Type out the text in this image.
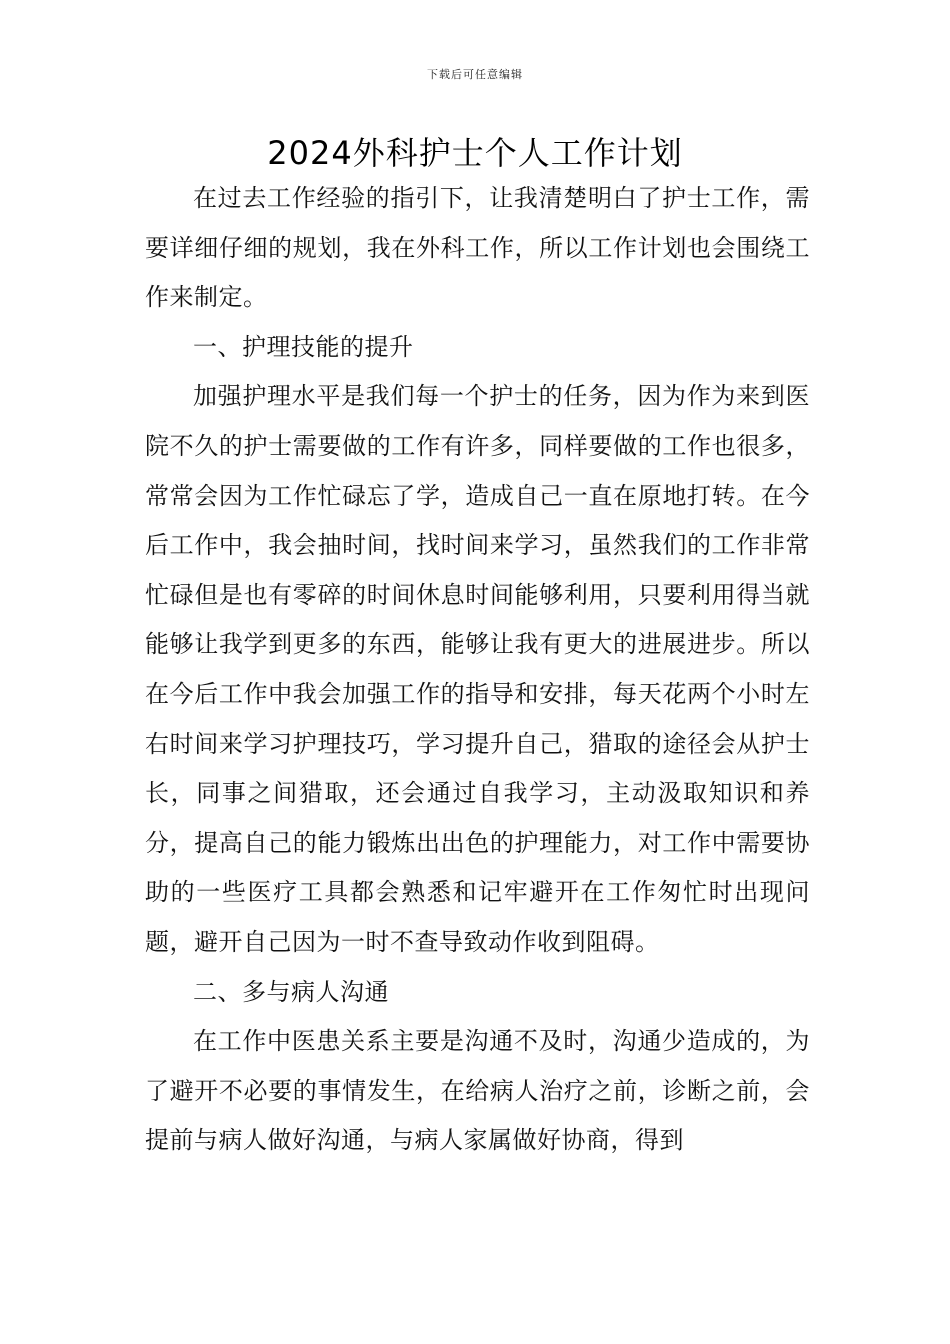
下载后可任意编辑
2024外科护士个人工作计划

在过去工作经验的指引下，让我清楚明白了护士工作，需要详细仔细的规划，我在外科工作，所以工作计划也会围绕工作来制定。

一、护理技能的提升

加强护理水平是我们每一个护士的任务，因为作为来到医院不久的护士需要做的工作有许多，同样要做的工作也很多，常常会因为工作忙碌忘了学，造成自己一直在原地打转。在今后工作中，我会抽时间，找时间来学习，虽然我们的工作非常忙碌但是也有零碎的时间休息时间能够利用，只要利用得当就能够让我学到更多的东西，能够让我有更大的进展进步。所以在今后工作中我会加强工作的指导和安排，每天花两个小时左右时间来学习护理技巧，学习提升自己，猎取的途径会从护士长，同事之间猎取，还会通过自我学习，主动汲取知识和养分，提高自己的能力锻炼出出色的护理能力，对工作中需要协助的一些医疗工具都会熟悉和记牢避开在工作匆忙时出现问题，避开自己因为一时不查导致动作收到阻碍。

二、多与病人沟通

在工作中医患关系主要是沟通不及时，沟通少造成的，为了避开不必要的事情发生，在给病人治疗之前，诊断之前，会提前与病人做好沟通，与病人家属做好协商，得到
